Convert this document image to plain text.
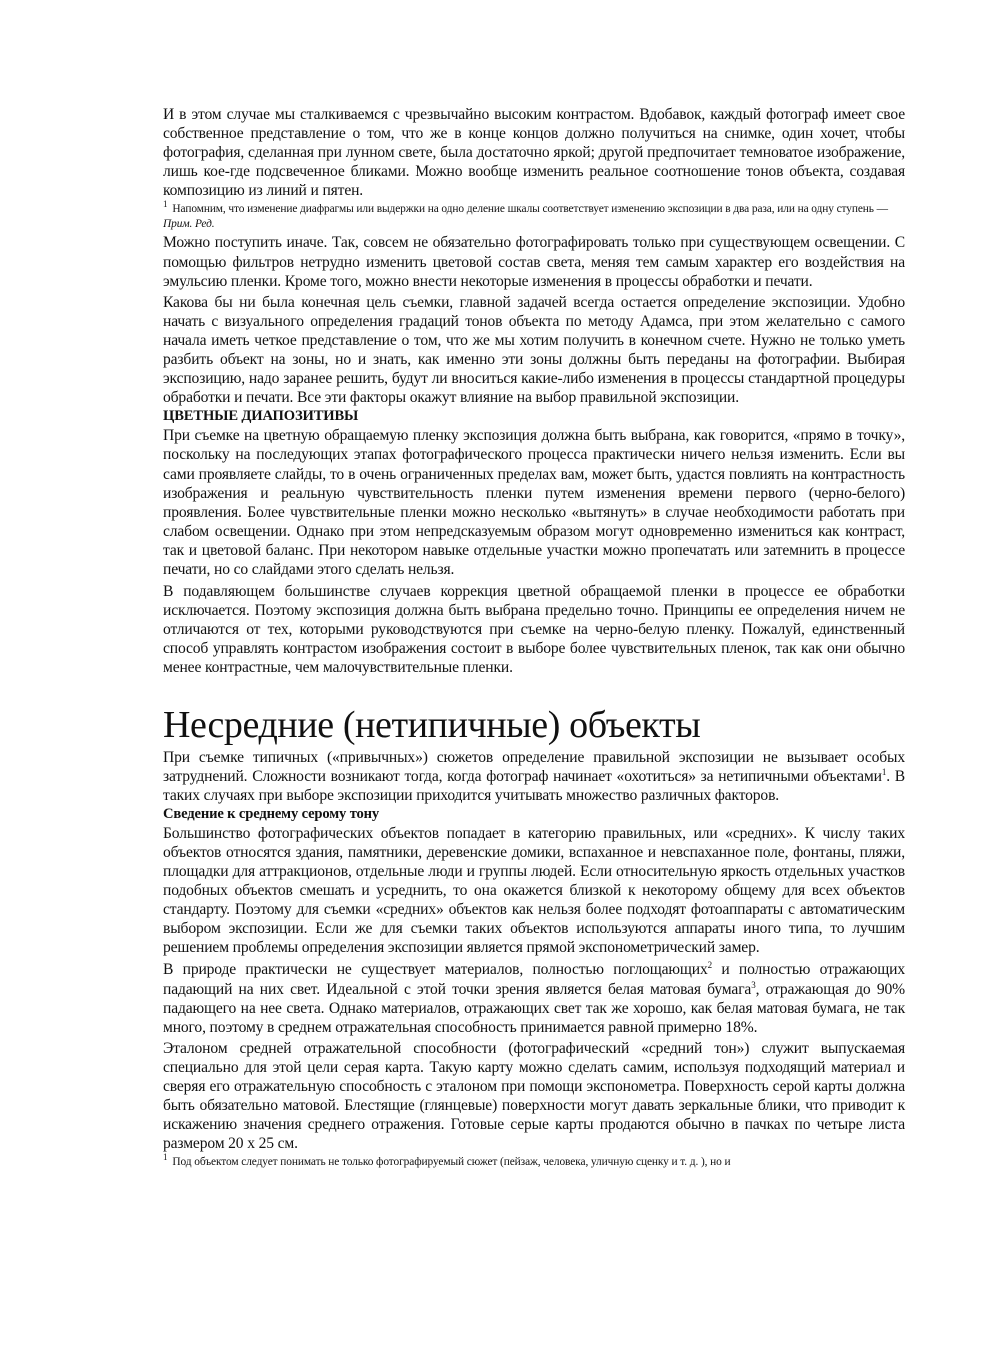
И в этом случае мы сталкиваемся с чрезвычайно высоким контрастом. Вдобавок, каждый фотограф имеет свое собственное представление о том, что же в конце концов должно получиться на снимке, один хочет, чтобы фотография, сделанная при лунном свете, была достаточно яркой; другой предпочитает темноватое изображение, лишь кое-где подсвеченное бликами. Можно вообще изменить реальное соотношение тонов объекта, создавая композицию из линий и пятен.

$^1$ Напомним, что изменение диафрагмы или выдержки на одно деление шкалы соответствует изменению экспозиции в два раза, или на одну ступень —Прим. Ред.

Можно поступить иначе. Так, совсем не обязательно фотографировать только при существующем освещении. С помощью фильтров нетрудно изменить цветовой состав света, меняя тем самым характер его воздействия на эмульсию пленки. Кроме того, можно внести некоторые изменения в процессы обработки и печати.

Какова бы ни была конечная цель съемки, главной задачей всегда остается определение экспозиции. Удобно начать с визуального определения градаций тонов объекта по методу Адамса, при этом желательно с самого начала иметь четкое представление о том, что же мы хотим получить в конечном счете. Нужно не только уметь разбить объект на зоны, но и знать, как именно эти зоны должны быть переданы на фотографии. Выбирая экспозицию, надо заранее решить, будут ли вноситься какие-либо изменения в процессы стандартной процедуры обработки и печати. Все эти факторы окажут влияние на выбор правильной экспозиции.

ЦВЕТНЫЕ ДИАПОЗИТИВЫ

При съемке на цветную обращаемую пленку экспозиция должна быть выбрана, как говорится, «прямо в точку», поскольку на последующих этапах фотографического процесса практически ничего нельзя изменить. Если вы сами проявляете слайды, то в очень ограниченных пределах вам, может быть, удастся повлиять на контрастность изображения и реальную чувствительность пленки путем изменения времени первого (черно-белого) проявления. Более чувствительные пленки можно несколько «вытянуть» в случае необходимости работать при слабом освещении. Однако при этом непредсказуемым образом могут одновременно измениться как контраст, так и цветовой баланс. При некотором навыке отдельные участки можно пропечатать или затемнить в процессе печати, но со слайдами этого сделать нельзя.

В подавляющем большинстве случаев коррекция цветной обращаемой пленки в процессе ее обработки исключается. Поэтому экспозиция должна быть выбрана предельно точно. Принципы ее определения ничем не отличаются от тех, которыми руководствуются при съемке на черно-белую пленку. Пожалуй, единственный способ управлять контрастом изображения состоит в выборе более чувствительных пленок, так как они обычно менее контрастные, чем малочувствительные пленки.

Несредние (нетипичные) объекты

При съемке типичных («привычных») сюжетов определение правильной экспозиции не вызывает особых затруднений. Сложности возникают тогда, когда фотограф начинает «охотиться» за нетипичными объектами$^1$. В таких случаях при выборе экспозиции приходится учитывать множество различных факторов.

Сведение к среднему серому тону

Большинство фотографических объектов попадает в категорию правильных, или «средних». К числу таких объектов относятся здания, памятники, деревенские домики, вспаханное и невспаханное поле, фонтаны, пляжи, площадки для аттракционов, отдельные люди и группы людей. Если относительную яркость отдельных участков подобных объектов смешать и усреднить, то она окажется близкой к некоторому общему для всех объектов стандарту. Поэтому для съемки «средних» объектов как нельзя более подходят фотоаппараты с автоматическим выбором экспозиции. Если же для съемки таких объектов используются аппараты иного типа, то лучшим решением проблемы определения экспозиции является прямой экспонометрический замер.

В природе практически не существует материалов, полностью поглощающих$^2$ и полностью отражающих падающий на них свет. Идеальной с этой точки зрения является белая матовая бумага$^3$, отражающая до 90% падающего на нее света. Однако материалов, отражающих свет так же хорошо, как белая матовая бумага, не так много, поэтому в среднем отражательная способность принимается равной примерно 18%.

Эталоном средней отражательной способности (фотографический «средний тон») служит выпускаемая специально для этой цели серая карта. Такую карту можно сделать самим, используя подходящий материал и сверяя его отражательную способность с эталоном при помощи экспонометра. Поверхность серой карты должна быть обязательно матовой. Блестящие (глянцевые) поверхности могут давать зеркальные блики, что приводит к искажению значения среднего отражения. Готовые серые карты продаются обычно в пачках по четыре листа размером 20 х 25 см.

$^1$ Под объектом следует понимать не только фотографируемый сюжет (пейзаж, человека, уличную сценку и т. д. ), но и
